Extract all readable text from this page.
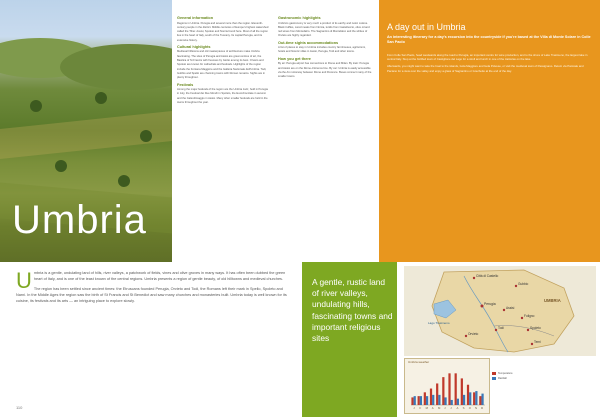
Umbria
General information

Regions in Umbria. Perugia and several more than the region. Eleventh-century people in the district. Middle centuries of Europe's highest watershed called the Tiber. Assisi, Spoleto and Norcia found here. Most of all the region lies in the heart of Italy, south of the Tuscany. Its capital Perugia, and its extensive history.

Cultural highlights

Medieval hilltowns and old masterpieces of architecture make Umbria fascinating. The sites of Perugia and Assisi are great centres of art, the Basilica of St Francis with frescoes by Giotto among its best. Orvieto and Spoleto are known for cathedrals and festivals. Highlights of the region include the Fontana Maggiore and the Galleria Nazionale dell'Umbria. Todi, Gubbio and Spello are charming towns with Roman remains. Sights are in plenty throughout.

Festivals

Among the major festivals of the region are the Umbria Jazz, held in Perugia in July, the Festival dei Due Mondi in Spoleto, the Eurochocolate in autumn and the Calendimaggio in Assisi. Many other smaller festivals are held in the towns throughout the year.

Gastronomic highlights

Umbria's gastronomy is very much a product of its earthy and rustic cuisine. Black truffles, cured meats from Norcia, lentils from Castelluccio, olive oil and red wines from Montefalco. The Sagrantino di Montefalco and the whites of Orvieto are highly regarded.

Out-time sights accommodations

A list of places to stay in Umbria includes country farmhouses, agriturismi, hotels and historic villas in Assisi, Perugia, Todi and other towns.

How you get there

By air: Perugia airport has connections to Rome and Milan. By train: Perugia and Assisi are on the Rome–Florence line. By car: Umbria is easily accessible via the A1 motorway between Rome and Florence. Buses connect many of the smaller towns.

A day out in Umbria
An interesting itinerary for a day's excursion into the countryside if you're based at the Villa di Monte Solare in Colle San Paolo

From Colle San Paolo, head westwards along the road to Perugia, an important centre for wine production, and to the shore of Lake Trasimeno, the largest lake in central Italy. Stop at the fortified town of Castiglione del Lago for a stroll and lunch in one of the trattorias on the lake.

Afterwards, you might want to take the boat to the islands, Isola Maggiore and Isola Polvese, or visit the medieval town of Passignano. Return via Panicale and Paciano for a view over the valley and enjoy a glass of Sagrantino or Grechetto at the end of the day.

U mbria is a gentle, undulating land of hills, river valleys, a patchwork of fields, vines and olive groves in many ways. It has often been dubbed the green heart of Italy, and is one of the least known of the central regions. Umbria presents a region of gentle beauty, of old hilltowns and medieval churches.

The region has been settled since ancient times: the Etruscans founded Perugia, Orvieto and Todi, the Romans left their mark in Spello, Spoleto and Narni. In the Middle Ages the region saw the birth of St Francis and St Benedict and saw many churches and monasteries built. Umbria today is well known for its cuisine, its festivals and its arts — an intriguing place to explore slowly.

A gentle, rustic land of river valleys, undulating hills, fascinating towns and important religious sites
Città di Castello
Gubbio
Perugia
Assisi
Foligno
Spoleto
Todi
Orvieto
Terni
Lago Trasimeno
UMBRIA
J F M A M J J A S O N D
Umbria weather
Temperature
Rainfall
110
